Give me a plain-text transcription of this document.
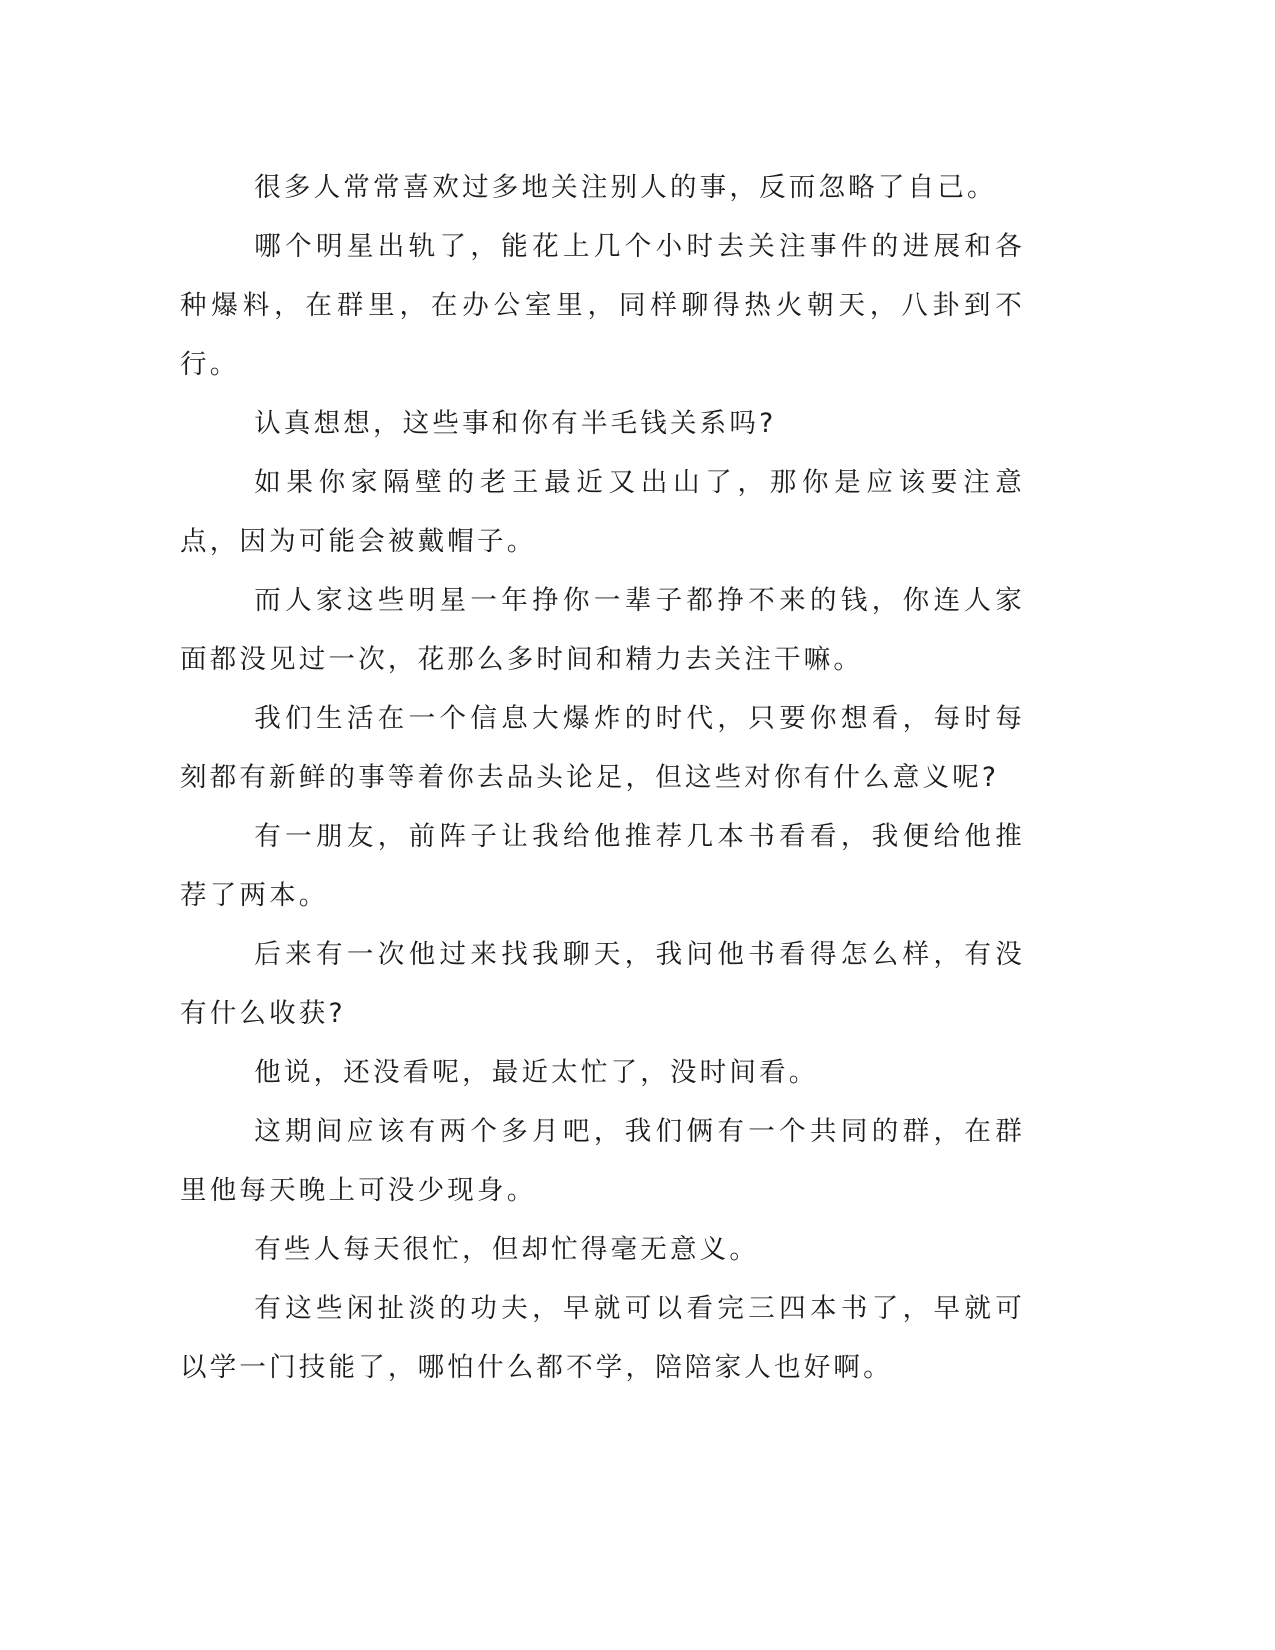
很多人常常喜欢过多地关注别人的事，反而忽略了自己。

哪个明星出轨了，能花上几个小时去关注事件的进展和各种爆料，在群里，在办公室里，同样聊得热火朝天，八卦到不行。

认真想想，这些事和你有半毛钱关系吗?

如果你家隔壁的老王最近又出山了，那你是应该要注意点，因为可能会被戴帽子。

而人家这些明星一年挣你一辈子都挣不来的钱，你连人家面都没见过一次，花那么多时间和精力去关注干嘛。

我们生活在一个信息大爆炸的时代，只要你想看，每时每刻都有新鲜的事等着你去品头论足，但这些对你有什么意义呢?

有一朋友，前阵子让我给他推荐几本书看看，我便给他推荐了两本。

后来有一次他过来找我聊天，我问他书看得怎么样，有没有什么收获?

他说，还没看呢，最近太忙了，没时间看。

这期间应该有两个多月吧，我们俩有一个共同的群，在群里他每天晚上可没少现身。

有些人每天很忙，但却忙得毫无意义。

有这些闲扯淡的功夫，早就可以看完三四本书了，早就可以学一门技能了，哪怕什么都不学，陪陪家人也好啊。
